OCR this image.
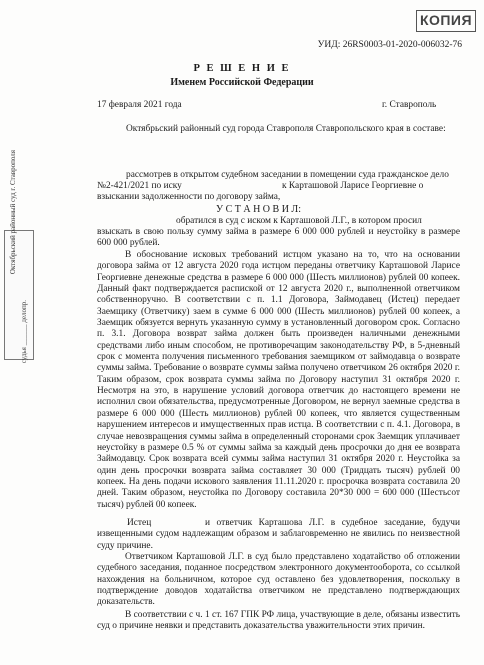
КОПИЯ
УИД: 26RS0003-01-2020-006032-76
Р Е Ш Е Н И Е
Именем Российской Федерации
17 февраля 2021 года	г. Ставрополь
Октябрьский районный суд города Ставрополя Ставропольского края в составе:
рассмотрев в открытом судебном заседании в помещении суда гражданское дело
№2-421/2021 по иску	к Карташовой Ларисе Георгиевне о
взыскании задолженности по договору займа,
У С Т А Н О В И Л:
обратился в суд с иском к Карташовой Л.Г., в котором просил

взыскать в свою пользу сумму займа в размере 6 000 000 рублей и неустойку в размере 600 000 рублей.

В обоснование исковых требований истцом указано на то, что на основании договора займа от 12 августа 2020 года истцом переданы ответчику Карташовой Ларисе Георгиевне денежные средства в размере 6 000 000 (Шесть миллионов) рублей 00 копеек. Данный факт подтверждается распиской от 12 августа 2020 г., выполненной ответчиком собственноручно. В соответствии с п. 1.1 Договора, Займодавец (Истец) передает Заемщику (Ответчику) заем в сумме 6 000 000 (Шесть миллионов) рублей 00 копеек, а Заемщик обязуется вернуть указанную сумму в установленный договором срок. Согласно п. 3.1. Договора возврат займа должен быть произведен наличными денежными средствами либо иным способом, не противоречащим законодательству РФ, в 5-дневный срок с момента получения письменного требования заемщиком от займодавца о возврате суммы займа. Требование о возврате суммы займа получено ответчиком 26 октября 2020 г. Таким образом, срок возврата суммы займа по Договору наступил 31 октября 2020 г. Несмотря на это, в нарушение условий договора ответчик до настоящего времени не исполнил свои обязательства, предусмотренные Договором, не вернул заемные средства в размере 6 000 000 (Шесть миллионов) рублей 00 копеек, что является существенным нарушением интересов и имущественных прав истца. В соответствии с п. 4.1. Договора, в случае невозвращения суммы займа в определенный сторонами срок Заемщик уплачивает неустойку в размере 0.5 % от суммы займа за каждый день просрочки до дня ее возврата Займодавцу. Срок возврата всей суммы займа наступил 31 октября 2020 г. Неустойка за один день просрочки возврата займа составляет 30 000 (Тридцать тысяч) рублей 00 копеек. На день подачи искового заявления 11.11.2020 г. просрочка возврата составила 20 дней. Таким образом, неустойка по Договору составила 20*30 000 = 600 000 (Шестьсот тысяч) рублей 00 копеек.

Истец	и ответчик Карташова Л.Г. в судебное заседание, будучи извещенными судом надлежащим образом и заблаговременно не явились по неизвестной суду причине.

Ответчиком Карташовой Л.Г. в суд было представлено ходатайство об отложении судебного заседания, поданное посредством электронного документооборота, со ссылкой нахождения на больничном, которое суд оставлено без удовлетворения, поскольку в подтверждение доводов ходатайства ответчиком не представлено подтверждающих доказательств.

В соответствии с ч. 1 ст. 167 ГПК РФ лица, участвующие в деле, обязаны известить суд о причине неявки и представить доказательства уважительности этих причин.

Октябрьский районный суд г. Ставрополя
судья ______ делопр.
